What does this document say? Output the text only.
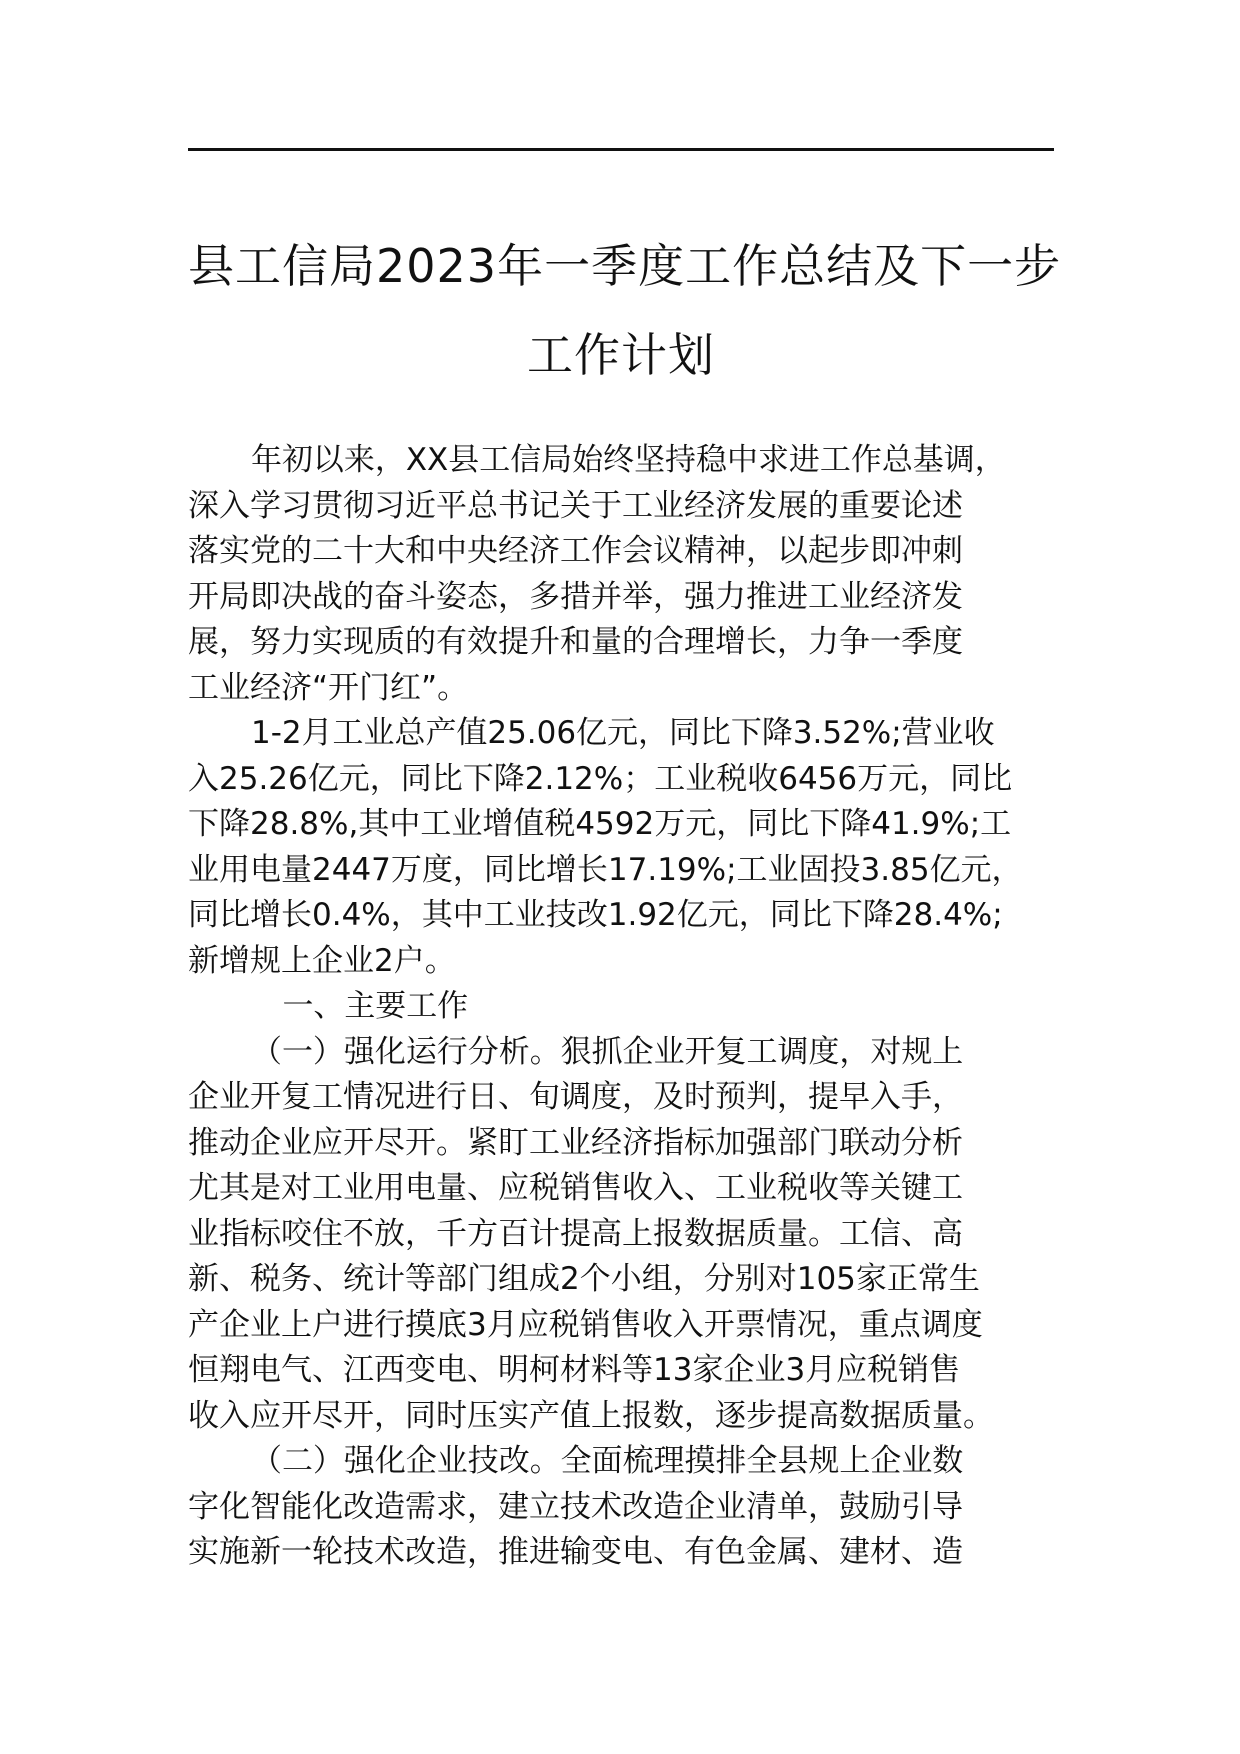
县工信局2023年一季度工作总结及下一步
工作计划
年初以来，XX县工信局始终坚持稳中求进工作总基调，
深入学习贯彻习近平总书记关于工业经济发展的重要论述
落实党的二十大和中央经济工作会议精神，以起步即冲刺
开局即决战的奋斗姿态，多措并举，强力推进工业经济发
展，努力实现质的有效提升和量的合理增长，力争一季度
工业经济“开门红”。
1-2月工业总产值25.06亿元，同比下降3.52%;营业收
入25.26亿元，同比下降2.12%；工业税收6456万元，同比
下降28.8%,其中工业增值税4592万元，同比下降41.9%;工
业用电量2447万度，同比增长17.19%;工业固投3.85亿元，
同比增长0.4%，其中工业技改1.92亿元，同比下降28.4%;
新增规上企业2户。
一、主要工作
（一）强化运行分析。狠抓企业开复工调度，对规上
企业开复工情况进行日、旬调度，及时预判，提早入手，
推动企业应开尽开。紧盯工业经济指标加强部门联动分析
尤其是对工业用电量、应税销售收入、工业税收等关键工
业指标咬住不放，千方百计提高上报数据质量。工信、高
新、税务、统计等部门组成2个小组，分别对105家正常生
产企业上户进行摸底3月应税销售收入开票情况，重点调度
恒翔电气、江西变电、明柯材料等13家企业3月应税销售
收入应开尽开，同时压实产值上报数，逐步提高数据质量。
（二）强化企业技改。全面梳理摸排全县规上企业数
字化智能化改造需求，建立技术改造企业清单，鼓励引导
实施新一轮技术改造，推进输变电、有色金属、建材、造
